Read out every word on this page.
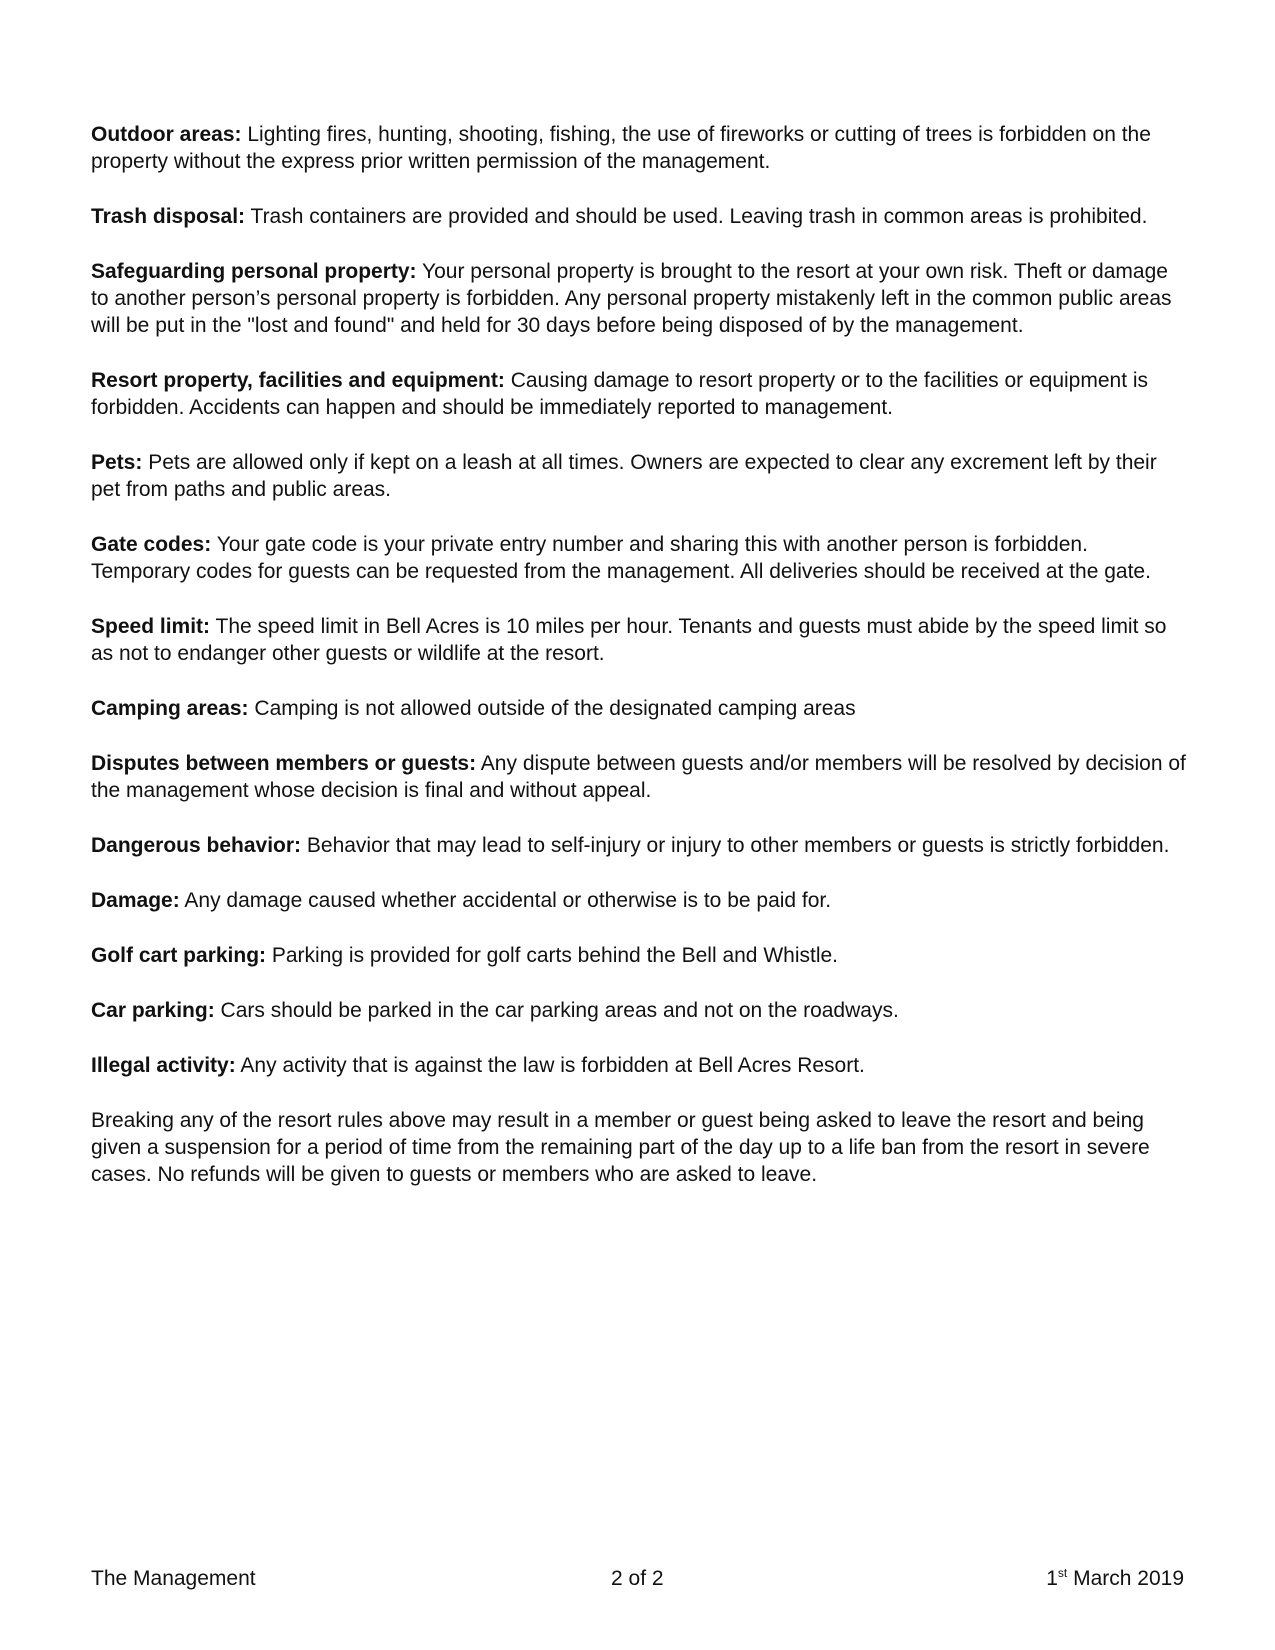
Outdoor areas: Lighting fires, hunting, shooting, fishing, the use of fireworks or cutting of trees is forbidden on the property without the express prior written permission of the management.

Trash disposal: Trash containers are provided and should be used. Leaving trash in common areas is prohibited.

Safeguarding personal property: Your personal property is brought to the resort at your own risk. Theft or damage to another person’s personal property is forbidden. Any personal property mistakenly left in the common public areas will be put in the "lost and found" and held for 30 days before being disposed of by the management.

Resort property, facilities and equipment: Causing damage to resort property or to the facilities or equipment is forbidden. Accidents can happen and should be immediately reported to management.

Pets: Pets are allowed only if kept on a leash at all times. Owners are expected to clear any excrement left by their pet from paths and public areas.

Gate codes: Your gate code is your private entry number and sharing this with another person is forbidden. Temporary codes for guests can be requested from the management. All deliveries should be received at the gate.

Speed limit: The speed limit in Bell Acres is 10 miles per hour. Tenants and guests must abide by the speed limit so as not to endanger other guests or wildlife at the resort.

Camping areas: Camping is not allowed outside of the designated camping areas

Disputes between members or guests: Any dispute between guests and/or members will be resolved by decision of the management whose decision is final and without appeal.

Dangerous behavior: Behavior that may lead to self-injury or injury to other members or guests is strictly forbidden.

Damage: Any damage caused whether accidental or otherwise is to be paid for.

Golf cart parking: Parking is provided for golf carts behind the Bell and Whistle.

Car parking: Cars should be parked in the car parking areas and not on the roadways.

Illegal activity: Any activity that is against the law is forbidden at Bell Acres Resort.

Breaking any of the resort rules above may result in a member or guest being asked to leave the resort and being given a suspension for a period of time from the remaining part of the day up to a life ban from the resort in severe cases. No refunds will be given to guests or members who are asked to leave.

The Management	2 of 2	1st March 2019
